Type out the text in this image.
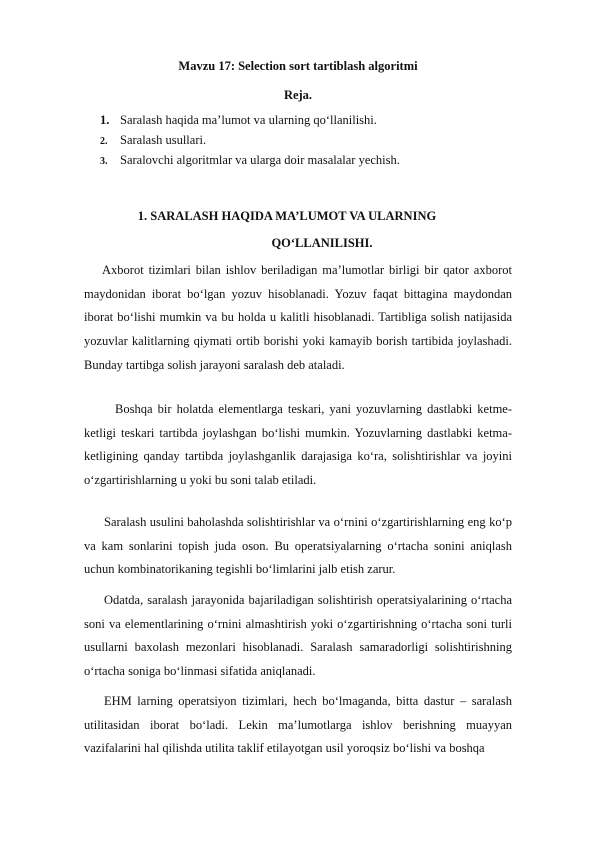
Mavzu 17: Selection sort tartiblash algoritmi

Reja.

1. Saralash haqida ma’lumot va ularning qo‘llanilishi.
2. Saralash usullari.
3. Saralovchi algoritmlar va ularga doir masalalar yechish.
1. SARALASH HAQIDA MA’LUMOT VA ULARNING
QO‘LLANILISHI.

Axborot tizimlari bilan ishlov beriladigan ma’lumotlar birligi bir qator axborot maydonidan iborat bo‘lgan yozuv hisoblanadi. Yozuv faqat bittagina maydondan iborat bo‘lishi mumkin va bu holda u kalitli hisoblanadi. Tartibliga solish natijasida yozuvlar kalitlarning qiymati ortib borishi yoki kamayib borish tartibida joylashadi. Bunday tartibga solish jarayoni saralash deb ataladi.

Boshqa bir holatda elementlarga teskari, yani yozuvlarning dastlabki ketme-ketligi teskari tartibda joylashgan bo‘lishi mumkin. Yozuvlarning dastlabki ketma-ketligining qanday tartibda joylashganlik darajasiga ko‘ra, solishtirishlar va joyini o‘zgartirishlarning u yoki bu soni talab etiladi.

Saralash usulini baholashda solishtirishlar va o‘rnini o‘zgartirishlarning eng ko‘p va kam sonlarini topish juda oson. Bu operatsiyalarning o‘rtacha sonini aniqlash uchun kombinatorikaning tegishli bo‘limlarini jalb etish zarur.

Odatda, saralash jarayonida bajariladigan solishtirish operatsiyalarining o‘rtacha soni va elementlarining o‘rnini almashtirish yoki o‘zgartirishning o‘rtacha soni turli usullarni baxolash mezonlari hisoblanadi. Saralash samaradorligi solishtirishning o‘rtacha soniga bo‘linmasi sifatida aniqlanadi.

EHM larning operatsiyon tizimlari, hech bo‘lmaganda, bitta dastur – saralash utilitasidan iborat bo‘ladi. Lekin ma’lumotlarga ishlov berishning muayyan vazifalarini hal qilishda utilita taklif etilayotgan usil yoroqsiz bo‘lishi va boshqa
